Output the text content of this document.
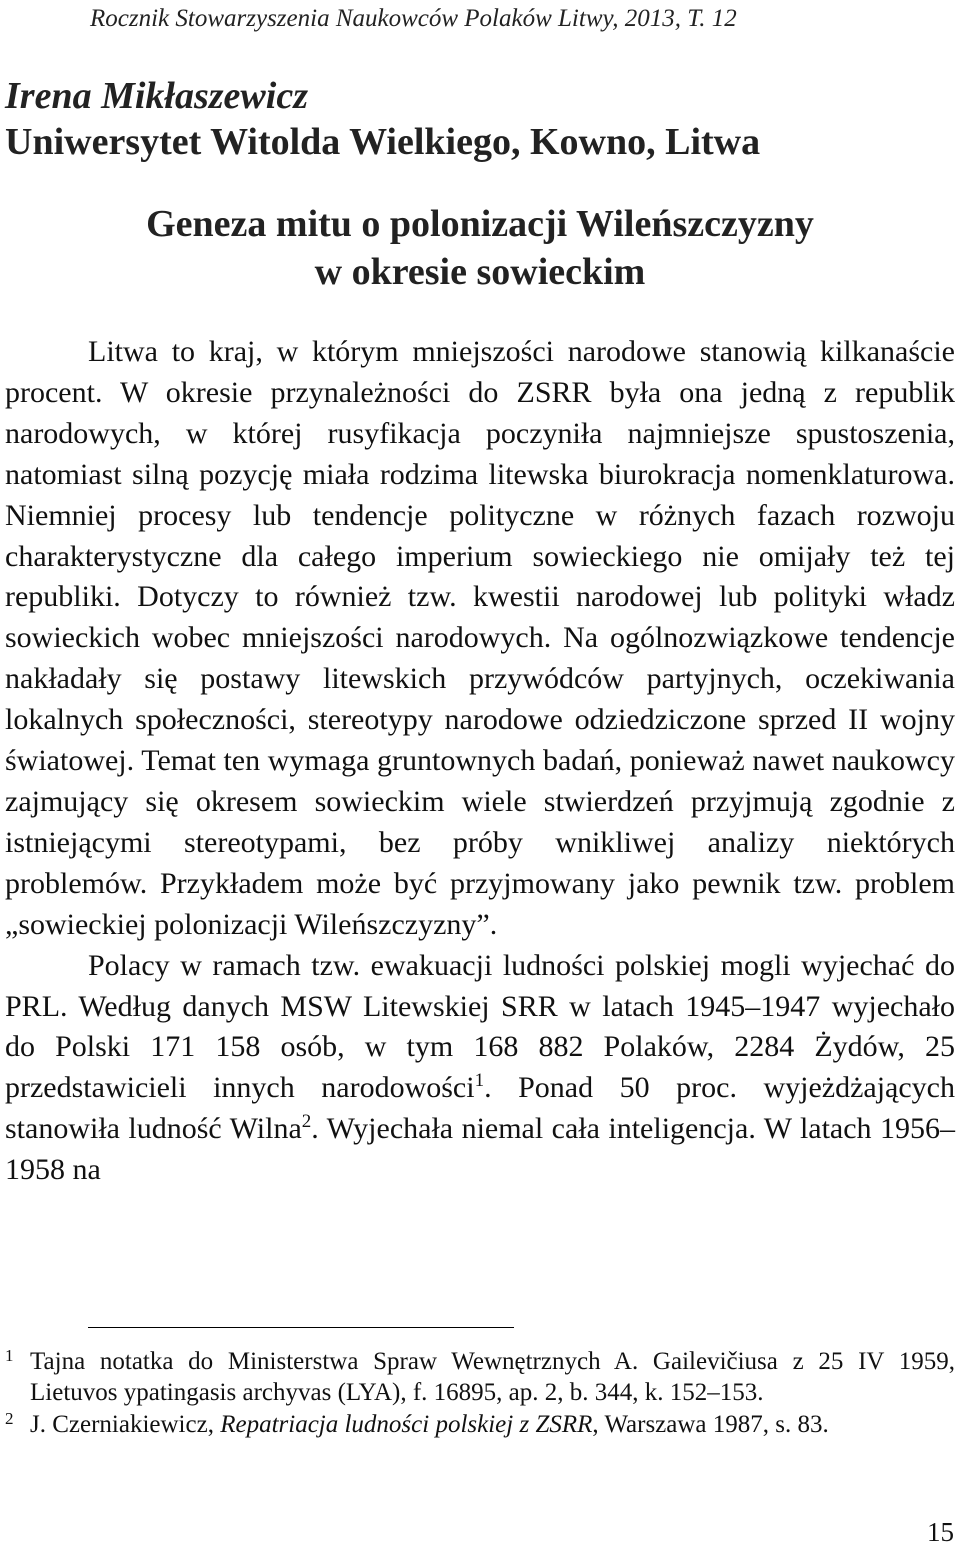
Rocznik Stowarzyszenia Naukowców Polaków Litwy, 2013, T. 12
Irena Mikłaszewicz
Uniwersytet Witolda Wielkiego, Kowno, Litwa
Geneza mitu o polonizacji Wileńszczyzny
w okresie sowieckim

Litwa to kraj, w którym mniejszości narodowe stanowią kilkanaście procent. W okresie przynależności do ZSRR była ona jedną z republik narodowych, w której rusyfikacja poczyniła najmniejsze spustoszenia, natomiast silną pozycję miała rodzima litewska biurokracja nomenklaturowa. Niemniej procesy lub tendencje polityczne w różnych fazach rozwoju charakterystyczne dla całego imperium sowieckiego nie omijały też tej republiki. Dotyczy to również tzw. kwestii narodowej lub polityki władz sowieckich wobec mniejszości narodowych. Na ogólnozwiązkowe tendencje nakładały się postawy litewskich przywódców partyjnych, oczekiwania lokalnych społeczności, stereotypy narodowe odziedziczone sprzed II wojny światowej. Temat ten wymaga gruntownych badań, ponieważ nawet naukowcy zajmujący się okresem sowieckim wiele stwierdzeń przyjmują zgodnie z istniejącymi stereotypami, bez próby wnikliwej analizy niektórych problemów. Przykładem może być przyjmowany jako pewnik tzw. problem „sowieckiej polonizacji Wileńszczyzny”.

Polacy w ramach tzw. ewakuacji ludności polskiej mogli wyjechać do PRL. Według danych MSW Litewskiej SRR w latach 1945–1947 wyjechało do Polski 171 158 osób, w tym 168 882 Polaków, 2284 Żydów, 25 przedstawicieli innych narodowości$^1$. Ponad 50 proc. wyjeżdżających stanowiła ludność Wilna$^2$. Wyjechała niemal cała inteligencja. W latach 1956–1958 na

1 Tajna notatka do Ministerstwa Spraw Wewnętrznych A. Gailevičiusa z 25 IV 1959, Lietuvos ypatingasis archyvas (LYA), f. 16895, ap. 2, b. 344, k. 152–153.
2 J. Czerniakiewicz, Repatriacja ludności polskiej z ZSRR, Warszawa 1987, s. 83.
15
